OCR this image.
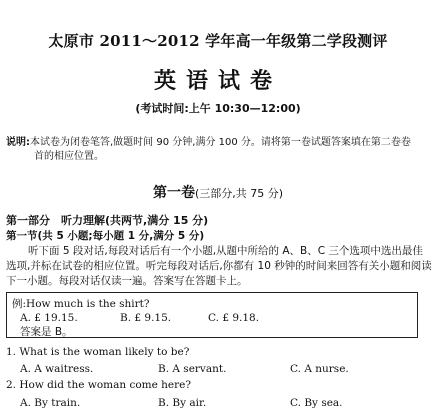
太原市 2011～2012 学年高一年级第二学段测评
英语试卷
(考试时间:上午 10:30—12:00)
说明:本试卷为闭卷笔答,做题时间 90 分钟,满分 100 分。请将第一卷试题答案填在第二卷卷
首的相应位置。
第一卷(三部分,共 75 分)
第一部分　听力理解(共两节,满分 15 分)
第一节(共 5 小题;每小题 1 分,满分 5 分)
听下面 5 段对话,每段对话后有一个小题,从题中所给的 A、B、C 三个选项中选出最佳选项,并标在试卷的相应位置。听完每段对话后,你都有 10 秒钟的时间来回答有关小题和阅读下一小题。每段对话仅读一遍。答案写在答题卡上。
例:How much is the shirt?
A. £ 19.15.	B. £ 9.15.	C. £ 9.18.
答案是 B。
1. What is the woman likely to be?
A. A waitress.	B. A servant.	C. A nurse.
2. How did the woman come here?
A. By train.	B. By air.	C. By sea.
